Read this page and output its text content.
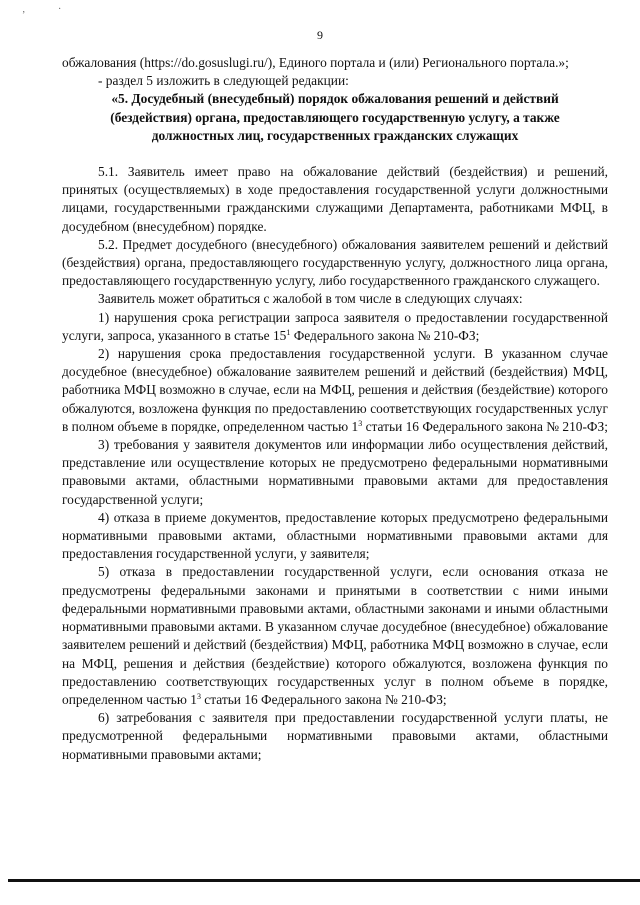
‚	·
9

обжалования (https://do.gosuslugi.ru/), Единого портала и (или) Регионального портала.»;

- раздел 5 изложить в следующей редакции:

«5. Досудебный (внесудебный) порядок обжалования решений и действий (бездействия) органа, предоставляющего государственную услугу, а также должностных лиц, государственных гражданских служащих

5.1. Заявитель имеет право на обжалование действий (бездействия) и решений, принятых (осуществляемых) в ходе предоставления государственной услуги должностными лицами, государственными гражданскими служащими Департамента, работниками МФЦ, в досудебном (внесудебном) порядке.

5.2. Предмет досудебного (внесудебного) обжалования заявителем решений и действий (бездействия) органа, предоставляющего государственную услугу, должностного лица органа, предоставляющего государственную услугу, либо государственного гражданского служащего.

Заявитель может обратиться с жалобой в том числе в следующих случаях:

1) нарушения срока регистрации запроса заявителя о предоставлении государственной услуги, запроса, указанного в статье $15^1$ Федерального закона № 210-ФЗ;

2) нарушения срока предоставления государственной услуги. В указанном случае досудебное (внесудебное) обжалование заявителем решений и действий (бездействия) МФЦ, работника МФЦ возможно в случае, если на МФЦ, решения и действия (бездействие) которого обжалуются, возложена функция по предоставлению соответствующих государственных услуг в полном объеме в порядке, определенном частью $1^3$ статьи 16 Федерального закона № 210-ФЗ;

3) требования у заявителя документов или информации либо осуществления действий, представление или осуществление которых не предусмотрено федеральными нормативными правовыми актами, областными нормативными правовыми актами для предоставления государственной услуги;

4) отказа в приеме документов, предоставление которых предусмотрено федеральными нормативными правовыми актами, областными нормативными правовыми актами для предоставления государственной услуги, у заявителя;

5) отказа в предоставлении государственной услуги, если основания отказа не предусмотрены федеральными законами и принятыми в соответствии с ними иными федеральными нормативными правовыми актами, областными законами и иными областными нормативными правовыми актами. В указанном случае досудебное (внесудебное) обжалование заявителем решений и действий (бездействия) МФЦ, работника МФЦ возможно в случае, если на МФЦ, решения и действия (бездействие) которого обжалуются, возложена функция по предоставлению соответствующих государственных услуг в полном объеме в порядке, определенном частью $1^3$ статьи 16 Федерального закона № 210-ФЗ;

6) затребования с заявителя при предоставлении государственной услуги платы, не предусмотренной федеральными нормативными правовыми актами, областными нормативными правовыми актами;
